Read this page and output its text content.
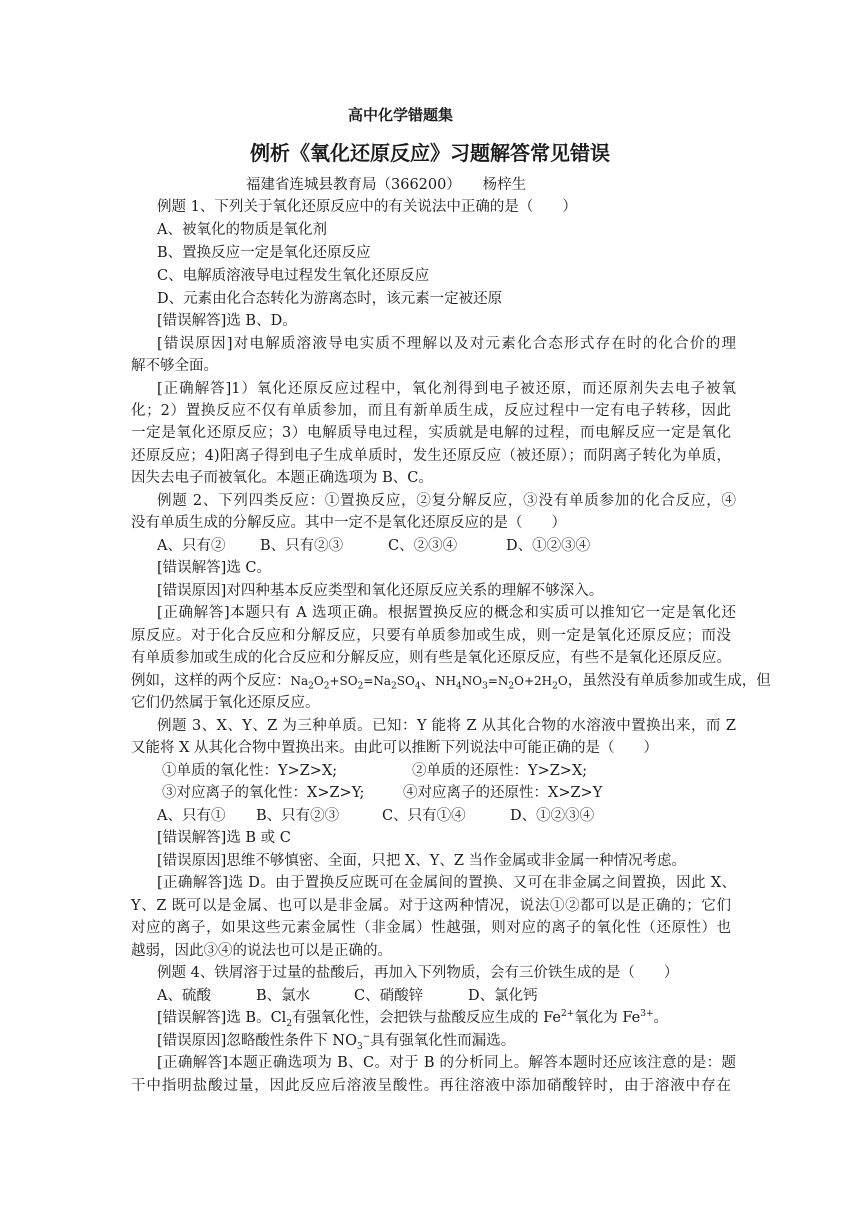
高中化学错题集
例析《氧化还原反应》习题解答常见错误
福建省连城县教育局（366200）　　杨梓生
例题 1、下列关于氧化还原反应中的有关说法中正确的是（　　）
A、被氧化的物质是氧化剂
B、置换反应一定是氧化还原反应
C、电解质溶液导电过程发生氧化还原反应
D、元素由化合态转化为游离态时，该元素一定被还原
[错误解答]选 B、D。
[错误原因]对电解质溶液导电实质不理解以及对元素化合态形式存在时的化合价的理
解不够全面。
[正确解答]1）氧化还原反应过程中，氧化剂得到电子被还原，而还原剂失去电子被氧
化；2）置换反应不仅有单质参加，而且有新单质生成，反应过程中一定有电子转移，因此
一定是氧化还原反应；3）电解质导电过程，实质就是电解的过程，而电解反应一定是氧化
还原反应；4)阳离子得到电子生成单质时，发生还原反应（被还原）；而阴离子转化为单质，
因失去电子而被氧化。本题正确选项为 B、C。
例题 2、下列四类反应：①置换反应，②复分解反应，③没有单质参加的化合反应，④
没有单质生成的分解反应。其中一定不是氧化还原反应的是（　　）
A、只有② B、只有②③	C、②③④	D、①②③④
[错误解答]选 C。
[错误原因]对四种基本反应类型和氧化还原反应关系的理解不够深入。
[正确解答]本题只有 A 选项正确。根据置换反应的概念和实质可以推知它一定是氧化还
原反应。对于化合反应和分解反应，只要有单质参加或生成，则一定是氧化还原反应；而没
有单质参加或生成的化合反应和分解反应，则有些是氧化还原反应，有些不是氧化还原反应。
例如，这样的两个反应：$Na_2O_2+SO_2=Na_2SO_4$、$NH_4NO_3=N_2O+2H_2O$，虽然没有单质参加或生成，但
它们仍然属于氧化还原反应。
例题 3、X、Y、Z 为三种单质。已知：Y 能将 Z 从其化合物的水溶液中置换出来，而 Z
又能将 X 从其化合物中置换出来。由此可以推断下列说法中可能正确的是（　　）
①单质的氧化性：Y>Z>X;	②单质的还原性：Y>Z>X;
③对应离子的氧化性：X>Z>Y;	④对应离子的还原性：X>Z>Y
A、只有① B、只有②③	C、只有①④	D、①②③④
[错误解答]选 B 或 C
[错误原因]思维不够慎密、全面，只把 X、Y、Z 当作金属或非金属一种情况考虑。
[正确解答]选 D。由于置换反应既可在金属间的置换、又可在非金属之间置换，因此 X、
Y、Z 既可以是金属、也可以是非金属。对于这两种情况，说法①②都可以是正确的；它们
对应的离子，如果这些元素金属性（非金属）性越强，则对应的离子的氧化性（还原性）也
越弱，因此③④的说法也可以是正确的。
例题 4、铁屑溶于过量的盐酸后，再加入下列物质，会有三价铁生成的是（　　）
A、硫酸	B、氯水	C、硝酸锌	D、氯化钙
[错误解答]选 B。$Cl_2$有强氧化性，会把铁与盐酸反应生成的 $Fe^{2+}$氧化为 $Fe^{3+}$。
[错误原因]忽略酸性条件下 $NO_3^-$具有强氧化性而漏选。
[正确解答]本题正确选项为 B、C。对于 B 的分析同上。解答本题时还应该注意的是：题
干中指明盐酸过量，因此反应后溶液呈酸性。再往溶液中添加硝酸锌时，由于溶液中存在
